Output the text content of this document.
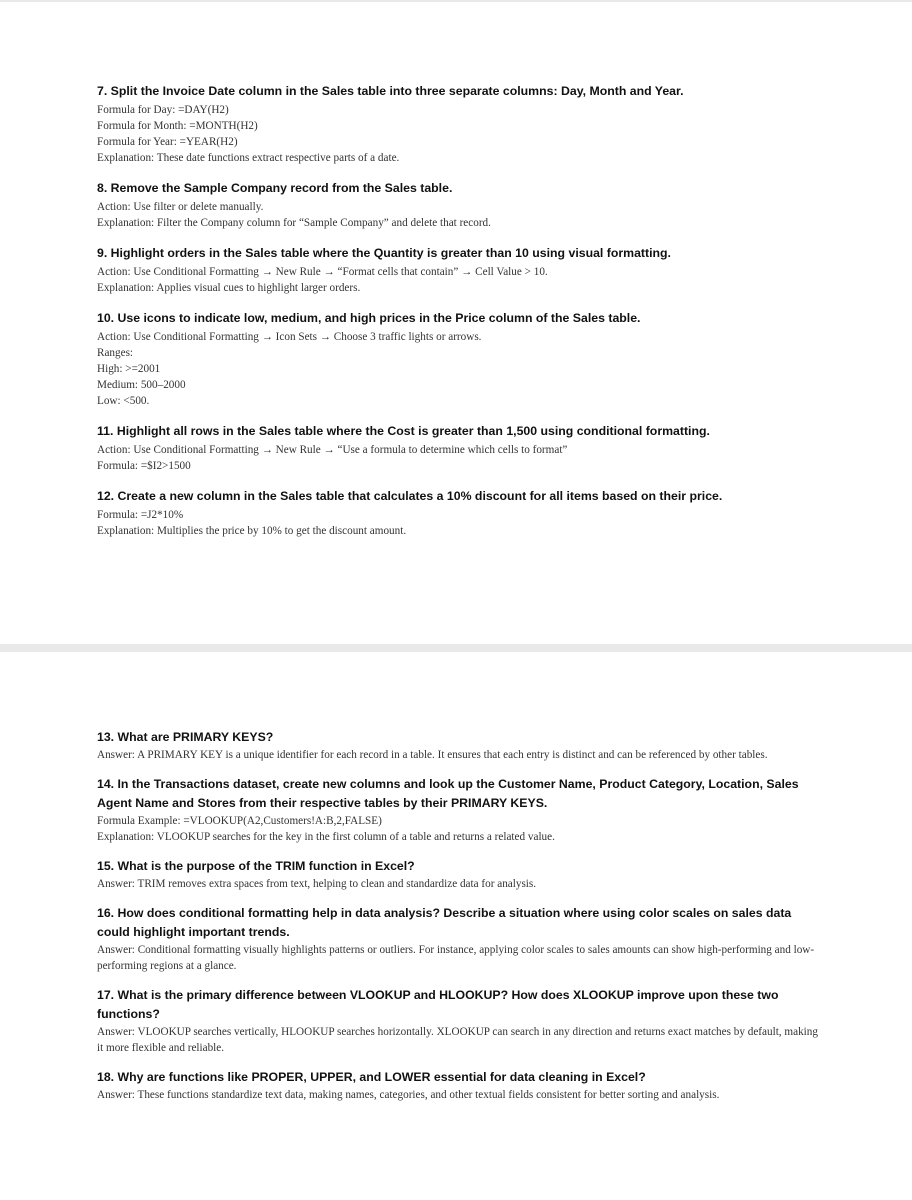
7. Split the Invoice Date column in the Sales table into three separate columns: Day, Month and Year.

Formula for Day: =DAY(H2)

Formula for Month: =MONTH(H2)

Formula for Year: =YEAR(H2)

Explanation: These date functions extract respective parts of a date.

8. Remove the Sample Company record from the Sales table.

Action: Use filter or delete manually.

Explanation: Filter the Company column for “Sample Company” and delete that record.

9. Highlight orders in the Sales table where the Quantity is greater than 10 using visual formatting.

Action: Use Conditional Formatting → New Rule → “Format cells that contain” → Cell Value > 10.

Explanation: Applies visual cues to highlight larger orders.

10. Use icons to indicate low, medium, and high prices in the Price column of the Sales table.

Action: Use Conditional Formatting → Icon Sets → Choose 3 traffic lights or arrows.

Ranges:

High: >=2001

Medium: 500–2000

Low: <500.

11. Highlight all rows in the Sales table where the Cost is greater than 1,500 using conditional formatting.

Action: Use Conditional Formatting → New Rule → “Use a formula to determine which cells to format”

Formula: =$I2>1500

12. Create a new column in the Sales table that calculates a 10% discount for all items based on their price.

Formula: =J2*10%

Explanation: Multiplies the price by 10% to get the discount amount.

13. What are PRIMARY KEYS?

Answer: A PRIMARY KEY is a unique identifier for each record in a table. It ensures that each entry is distinct and can be referenced by other tables.

14. In the Transactions dataset, create new columns and look up the Customer Name, Product Category, Location, Sales Agent Name and Stores from their respective tables by their PRIMARY KEYS.

Formula Example: =VLOOKUP(A2,Customers!A:B,2,FALSE)

Explanation: VLOOKUP searches for the key in the first column of a table and returns a related value.

15. What is the purpose of the TRIM function in Excel?

Answer: TRIM removes extra spaces from text, helping to clean and standardize data for analysis.

16. How does conditional formatting help in data analysis? Describe a situation where using color scales on sales data could highlight important trends.

Answer: Conditional formatting visually highlights patterns or outliers. For instance, applying color scales to sales amounts can show high-performing and low-performing regions at a glance.

17. What is the primary difference between VLOOKUP and HLOOKUP? How does XLOOKUP improve upon these two functions?

Answer: VLOOKUP searches vertically, HLOOKUP searches horizontally. XLOOKUP can search in any direction and returns exact matches by default, making it more flexible and reliable.

18. Why are functions like PROPER, UPPER, and LOWER essential for data cleaning in Excel?

Answer: These functions standardize text data, making names, categories, and other textual fields consistent for better sorting and analysis.
